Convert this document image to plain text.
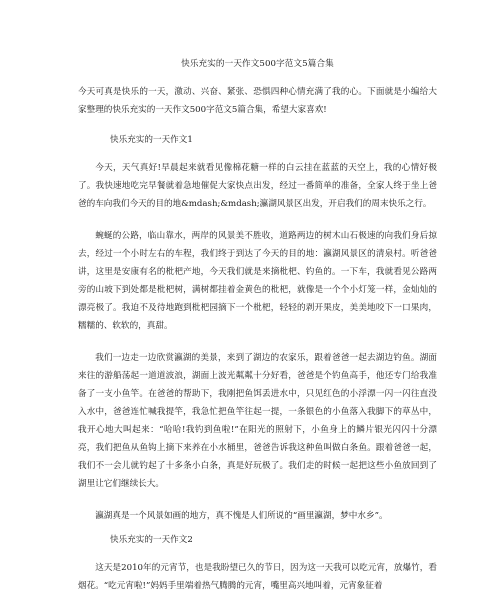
快乐充实的一天作文500字范文5篇合集

今天可真是快乐的一天，激动、兴奋、紧张、恐惧四种心情充满了我的心。下面就是小编给大家整理的快乐充实的一天作文500字范文5篇合集，希望大家喜欢!

快乐充实的一天作文1

今天，天气真好!早晨起来就看见像棉花糖一样的白云挂在蓝蓝的天空上，我的心情好极了。我快速地吃完早餐就着急地催促大家快点出发，经过一番简单的准备，全家人终于坐上爸爸的车向我们今天的目的地&mdash;&mdash;瀛湖风景区出发，开启我们的周末快乐之行。

蜿蜒的公路，临山靠水，两岸的风景美不胜收，道路两边的树木山石极速的向我们身后掠去，经过一个小时左右的车程，我们终于到达了今天的目的地：瀛湖风景区的清泉村。听爸爸讲，这里是安康有名的枇杷产地，今天我们就是来摘枇杷、钓鱼的。一下车，我就看见公路两旁的山坡下到处都是枇杷树，满树都挂着金黄色的枇杷，就像是一个个小灯笼一样，金灿灿的漂亮极了。我迫不及待地跑到枇杷园摘下一个枇杷，轻轻的剥开果皮，美美地咬下一口果肉，糯糯的、软软的，真甜。

我们一边走一边欣赏瀛湖的美景，来到了湖边的农家乐，跟着爸爸一起去湖边钓鱼。湖面来往的游船荡起一道道波浪，湖面上波光粼粼十分好看，爸爸是个钓鱼高手，他还专门给我准备了一支小鱼竿。在爸爸的帮助下，我刚把鱼饵丢进水中，只见红色的小浮漂一闪一闪往直没入水中，爸爸连忙喊我提竿，我急忙把鱼竿往起一提，一条银色的小鱼落入我脚下的草丛中，我开心地大叫起来：“哈哈!我钓到鱼啦!”在阳光的照射下，小鱼身上的鳞片银光闪闪十分漂亮，我们把鱼从鱼钩上摘下来养在小水桶里，爸爸告诉我这种鱼叫做白条鱼。跟着爸爸一起，我们不一会儿就钓起了十多条小白条，真是好玩极了。我们走的时候一起把这些小鱼放回到了湖里让它们继续长大。

瀛湖真是一个风景如画的地方，真不愧是人们所说的“画里瀛湖，梦中水乡”。

快乐充实的一天作文2

这天是2010年的元宵节，也是我盼望已久的节日，因为这一天我可以吃元宵，放爆竹，看烟花。“吃元宵啦!”妈妈手里端着热气腾腾的元宵，嘴里高兴地叫着，元宵象征着
